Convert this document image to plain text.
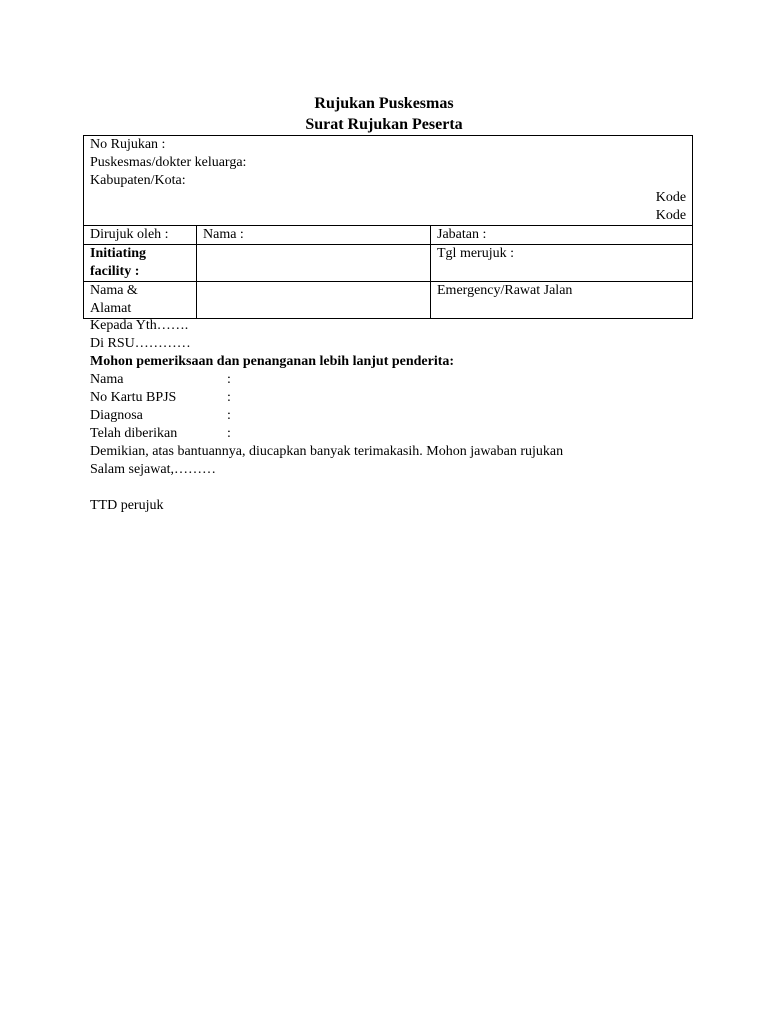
Rujukan Puskesmas
Surat Rujukan Peserta
No Rujukan :
Puskesmas/dokter keluarga:
Kabupaten/Kota:
Kode
Kode		

Dirujuk oleh :	Nama :	Jabatan :

Initiating
facility :		Tgl merujuk :

Nama &
Alamat		Emergency/Rawat Jalan
Kepada Yth…….
Di RSU…………
Mohon pemeriksaan dan penanganan lebih lanjut penderita:
Nama	:
No Kartu BPJS	:
Diagnosa	:
Telah diberikan	:
Demikian, atas bantuannya, diucapkan banyak terimakasih. Mohon jawaban rujukan
Salam sejawat,………
TTD perujuk
